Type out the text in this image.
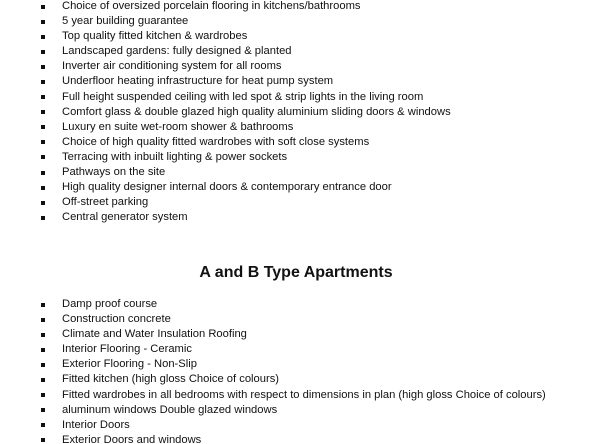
Choice of oversized porcelain flooring in kitchens/bathrooms
5 year building guarantee
Top quality fitted kitchen & wardrobes
Landscaped gardens: fully designed & planted
Inverter air conditioning system for all rooms
Underfloor heating infrastructure for heat pump system
Full height suspended ceiling with led spot & strip lights in the living room
Comfort glass & double glazed high quality aluminium sliding doors & windows
Luxury en suite wet-room shower & bathrooms
Choice of high quality fitted wardrobes with soft close systems
Terracing with inbuilt lighting & power sockets
Pathways on the site
High quality designer internal doors & contemporary entrance door
Off-street parking
Central generator system
A and B Type Apartments
Damp proof course
Construction concrete
Climate and Water Insulation Roofing
Interior Flooring - Ceramic
Exterior Flooring - Non-Slip
Fitted kitchen (high gloss Choice of colours)
Fitted wardrobes in all bedrooms with respect to dimensions in plan (high gloss Choice of colours)
aluminum windows Double glazed windows
Interior Doors
Exterior Doors and windows
